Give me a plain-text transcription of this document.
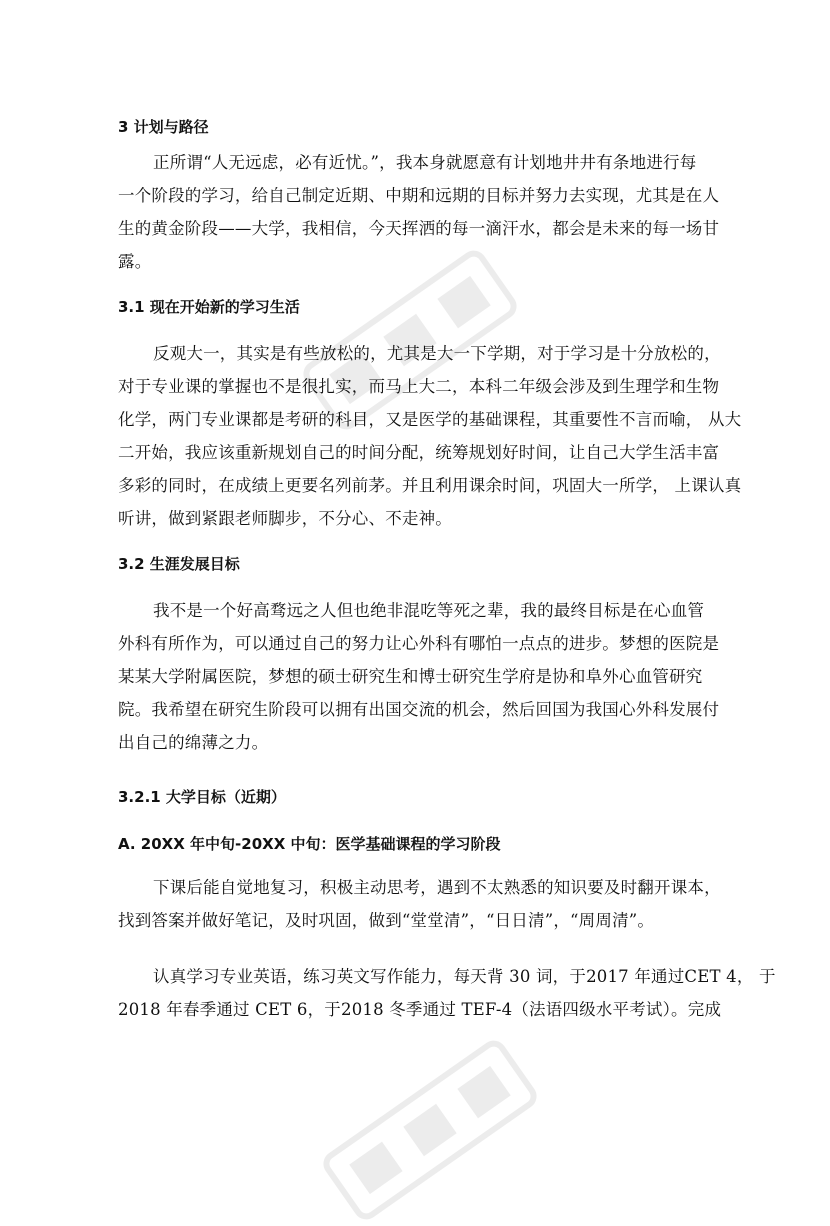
3 计划与路径
正所谓“人无远虑，必有近忧。”，我本身就愿意有计划地井井有条地进行每
一个阶段的学习，给自己制定近期、中期和远期的目标并努力去实现，尤其是在人
生的黄金阶段——大学，我相信，今天挥洒的每一滴汗水，都会是未来的每一场甘
露。
3.1 现在开始新的学习生活
反观大一，其实是有些放松的，尤其是大一下学期，对于学习是十分放松的，
对于专业课的掌握也不是很扎实，而马上大二，本科二年级会涉及到生理学和生物
化学，两门专业课都是考研的科目，又是医学的基础课程，其重要性不言而喻， 从大
二开始，我应该重新规划自己的时间分配，统筹规划好时间，让自己大学生活丰富
多彩的同时，在成绩上更要名列前茅。并且利用课余时间，巩固大一所学， 上课认真
听讲，做到紧跟老师脚步，不分心、不走神。
3.2 生涯发展目标
我不是一个好高骛远之人但也绝非混吃等死之辈，我的最终目标是在心血管
外科有所作为，可以通过自己的努力让心外科有哪怕一点点的进步。梦想的医院是
某某大学附属医院，梦想的硕士研究生和博士研究生学府是协和阜外心血管研究
院。我希望在研究生阶段可以拥有出国交流的机会，然后回国为我国心外科发展付
出自己的绵薄之力。
3.2.1 大学目标（近期）
A. 20XX 年中旬-20XX 中旬：医学基础课程的学习阶段
下课后能自觉地复习，积极主动思考，遇到不太熟悉的知识要及时翻开课本，
找到答案并做好笔记，及时巩固，做到“堂堂清”，“日日清”，“周周清”。
认真学习专业英语，练习英文写作能力，每天背 30 词，于2017 年通过CET 4， 于
2018 年春季通过 CET 6，于2018 冬季通过 TEF-4（法语四级水平考试）。完成
